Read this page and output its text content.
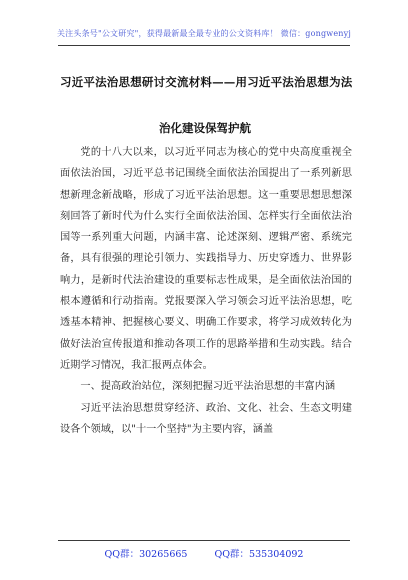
关注头条号"公文研究"，获得最新最全最专业的公文资料库！ 微信：gongwenyj
习近平法治思想研讨交流材料——用习近平法治思想为法
治化建设保驾护航

党的十八大以来，以习近平同志为核心的党中央高度重视全面依法治国，习近平总书记围绕全面依法治国提出了一系列新思想新理念新战略，形成了习近平法治思想。这一重要思想思想深刻回答了新时代为什么实行全面依法治国、怎样实行全面依法治国等一系列重大问题，内涵丰富、论述深刻、逻辑严密、系统完备，具有很强的理论引领力、实践指导力、历史穿透力、世界影响力，是新时代法治建设的重要标志性成果，是全面依法治国的根本遵循和行动指南。党报要深入学习领会习近平法治思想，吃透基本精神、把握核心要义、明确工作要求，将学习成效转化为做好法治宣传报道和推动各项工作的思路举措和生动实践。结合近期学习情况，我汇报两点体会。

一、提高政治站位，深刻把握习近平法治思想的丰富内涵

习近平法治思想贯穿经济、政治、文化、社会、生态文明建设各个领域，以"十一个坚持"为主要内容，涵盖

QQ群：30265665	QQ群：535304092
